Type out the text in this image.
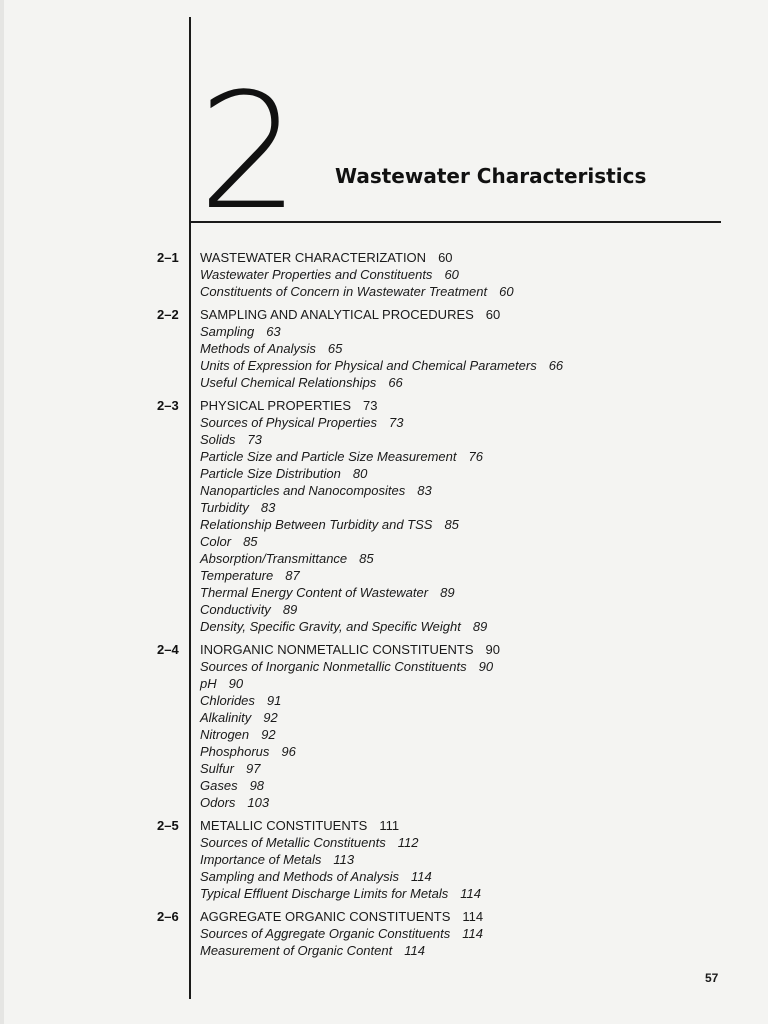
2 Wastewater Characteristics
2–1 WASTEWATER CHARACTERIZATION 60
Wastewater Properties and Constituents 60
Constituents of Concern in Wastewater Treatment 60
2–2 SAMPLING AND ANALYTICAL PROCEDURES 60
Sampling 63
Methods of Analysis 65
Units of Expression for Physical and Chemical Parameters 66
Useful Chemical Relationships 66
2–3 PHYSICAL PROPERTIES 73
Sources of Physical Properties 73
Solids 73
Particle Size and Particle Size Measurement 76
Particle Size Distribution 80
Nanoparticles and Nanocomposites 83
Turbidity 83
Relationship Between Turbidity and TSS 85
Color 85
Absorption/Transmittance 85
Temperature 87
Thermal Energy Content of Wastewater 89
Conductivity 89
Density, Specific Gravity, and Specific Weight 89
2–4 INORGANIC NONMETALLIC CONSTITUENTS 90
Sources of Inorganic Nonmetallic Constituents 90
pH 90
Chlorides 91
Alkalinity 92
Nitrogen 92
Phosphorus 96
Sulfur 97
Gases 98
Odors 103
2–5 METALLIC CONSTITUENTS 111
Sources of Metallic Constituents 112
Importance of Metals 113
Sampling and Methods of Analysis 114
Typical Effluent Discharge Limits for Metals 114
2–6 AGGREGATE ORGANIC CONSTITUENTS 114
Sources of Aggregate Organic Constituents 114
Measurement of Organic Content 114
57
